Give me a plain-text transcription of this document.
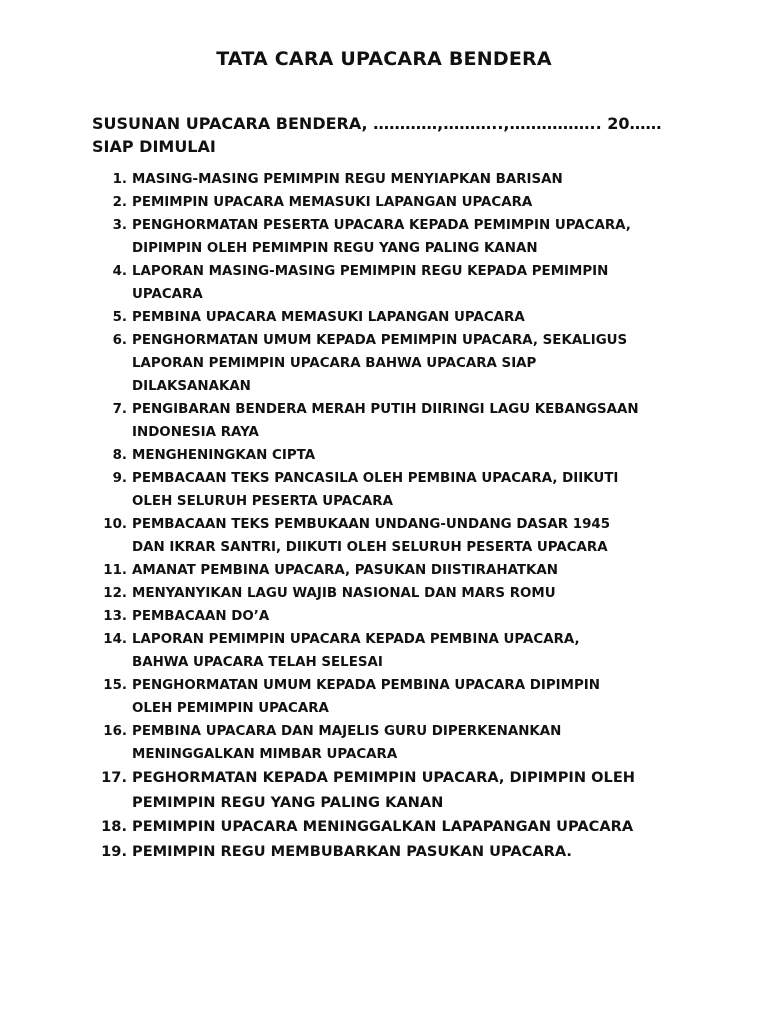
TATA CARA UPACARA BENDERA

SUSUNAN UPACARA BENDERA, …………,………..,…………….. 20……
SIAP DIMULAI

1. MASING-MASING PEMIMPIN REGU MENYIAPKAN BARISAN
2. PEMIMPIN UPACARA MEMASUKI LAPANGAN UPACARA
3. PENGHORMATAN PESERTA UPACARA KEPADA PEMIMPIN UPACARA,
DIPIMPIN OLEH PEMIMPIN REGU YANG PALING KANAN
4. LAPORAN MASING-MASING PEMIMPIN REGU KEPADA PEMIMPIN
UPACARA
5. PEMBINA UPACARA MEMASUKI LAPANGAN UPACARA
6. PENGHORMATAN UMUM KEPADA PEMIMPIN UPACARA, SEKALIGUS
LAPORAN PEMIMPIN UPACARA BAHWA UPACARA SIAP
DILAKSANAKAN
7. PENGIBARAN BENDERA MERAH PUTIH DIIRINGI LAGU KEBANGSAAN
INDONESIA RAYA
8. MENGHENINGKAN CIPTA
9. PEMBACAAN TEKS PANCASILA OLEH PEMBINA UPACARA, DIIKUTI
OLEH SELURUH PESERTA UPACARA
10. PEMBACAAN TEKS PEMBUKAAN UNDANG-UNDANG DASAR 1945
DAN IKRAR SANTRI, DIIKUTI OLEH SELURUH PESERTA UPACARA
11. AMANAT PEMBINA UPACARA, PASUKAN DIISTIRAHATKAN
12. MENYANYIKAN LAGU WAJIB NASIONAL DAN MARS ROMU
13. PEMBACAAN DO’A
14. LAPORAN PEMIMPIN UPACARA KEPADA PEMBINA UPACARA,
BAHWA UPACARA TELAH SELESAI
15. PENGHORMATAN UMUM KEPADA PEMBINA UPACARA DIPIMPIN
OLEH PEMIMPIN UPACARA
16. PEMBINA UPACARA DAN MAJELIS GURU DIPERKENANKAN
MENINGGALKAN MIMBAR UPACARA
17. PEGHORMATAN KEPADA PEMIMPIN UPACARA, DIPIMPIN OLEH
PEMIMPIN REGU YANG PALING KANAN
18. PEMIMPIN UPACARA MENINGGALKAN LAPAPANGAN UPACARA
19. PEMIMPIN REGU MEMBUBARKAN PASUKAN UPACARA.
